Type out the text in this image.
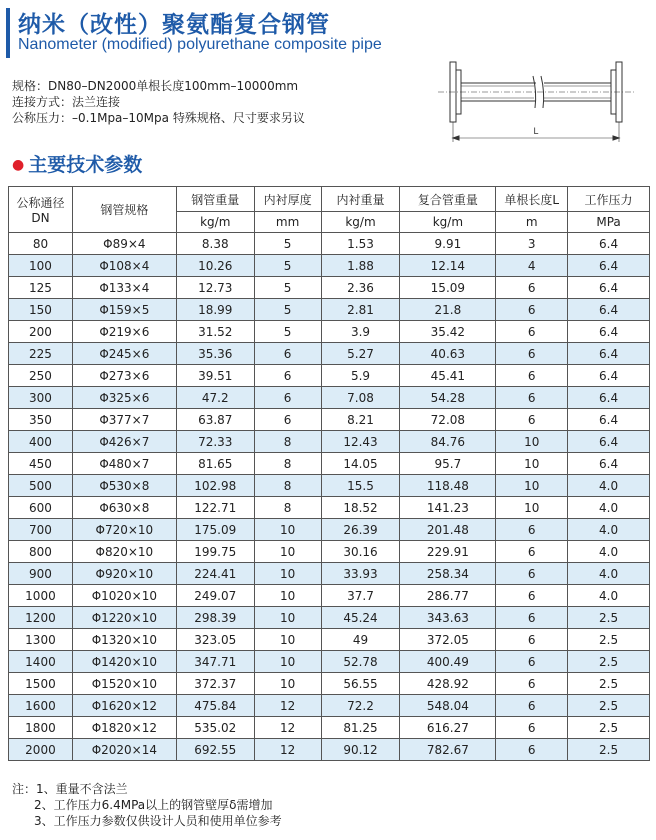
纳米（改性）聚氨酯复合钢管
Nanometer (modified) polyurethane composite pipe
规格：DN80–DN2000单根长度100mm–10000mm
连接方式：法兰连接
公称压力：–0.1Mpa–10Mpa 特殊规格、尺寸要求另议
L
● 主要技术参数
公称通径DN	钢管规格	钢管重量	内衬厚度	内衬重量	复合管重量	单根长度L	工作压力
		kg/m	mm	kg/m	kg/m	m	MPa
80	Φ89×4	8.38	5	1.53	9.91	3	6.4
100	Φ108×4	10.26	5	1.88	12.14	4	6.4
125	Φ133×4	12.73	5	2.36	15.09	6	6.4
150	Φ159×5	18.99	5	2.81	21.8	6	6.4
200	Φ219×6	31.52	5	3.9	35.42	6	6.4
225	Φ245×6	35.36	6	5.27	40.63	6	6.4
250	Φ273×6	39.51	6	5.9	45.41	6	6.4
300	Φ325×6	47.2	6	7.08	54.28	6	6.4
350	Φ377×7	63.87	6	8.21	72.08	6	6.4
400	Φ426×7	72.33	8	12.43	84.76	10	6.4
450	Φ480×7	81.65	8	14.05	95.7	10	6.4
500	Φ530×8	102.98	8	15.5	118.48	10	4.0
600	Φ630×8	122.71	8	18.52	141.23	10	4.0
700	Φ720×10	175.09	10	26.39	201.48	6	4.0
800	Φ820×10	199.75	10	30.16	229.91	6	4.0
900	Φ920×10	224.41	10	33.93	258.34	6	4.0
1000	Φ1020×10	249.07	10	37.7	286.77	6	4.0
1200	Φ1220×10	298.39	10	45.24	343.63	6	2.5
1300	Φ1320×10	323.05	10	49	372.05	6	2.5
1400	Φ1420×10	347.71	10	52.78	400.49	6	2.5
1500	Φ1520×10	372.37	10	56.55	428.92	6	2.5
1600	Φ1620×12	475.84	12	72.2	548.04	6	2.5
1800	Φ1820×12	535.02	12	81.25	616.27	6	2.5
2000	Φ2020×14	692.55	12	90.12	782.67	6	2.5
注：1、重量不含法兰
2、工作压力6.4MPa以上的钢管壁厚δ需增加
3、工作压力参数仅供设计人员和使用单位参考
